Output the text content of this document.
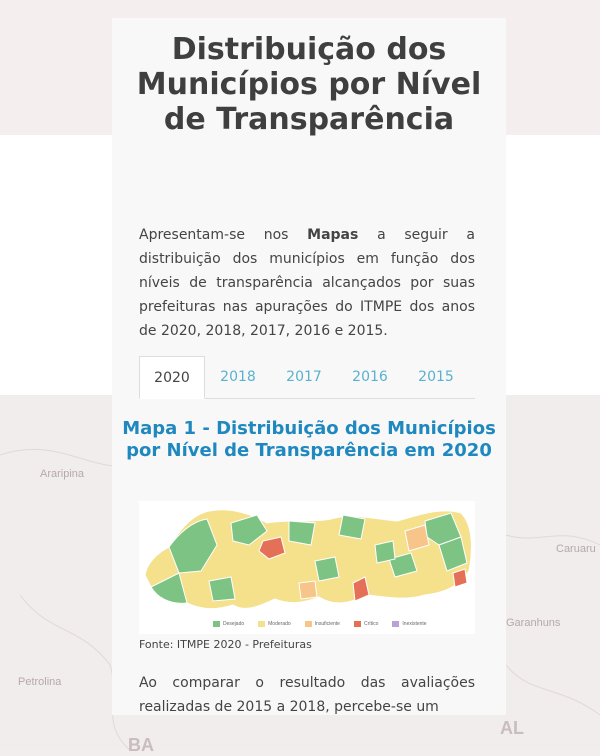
Araripina
Caruaru
Garanhuns
Petrolina
AL
BA
Distribuição dos Municípios por Nível de Transparência

Apresentam-se nos Mapas a seguir a distribuição dos municípios em função dos níveis de transparência alcançados por suas prefeituras nas apurações do ITMPE dos anos de 2020, 2018, 2017, 2016 e 2015.

2020	2018	2017	2016	2015
Mapa 1 - Distribuição dos Municípios por Nível de Transparência em 2020
Desejado	Moderado	Insuficiente	Crítico	Inexistente
Fonte: ITMPE 2020 - Prefeituras

Ao comparar o resultado das avaliações realizadas de 2015 a 2018, percebe-se um
